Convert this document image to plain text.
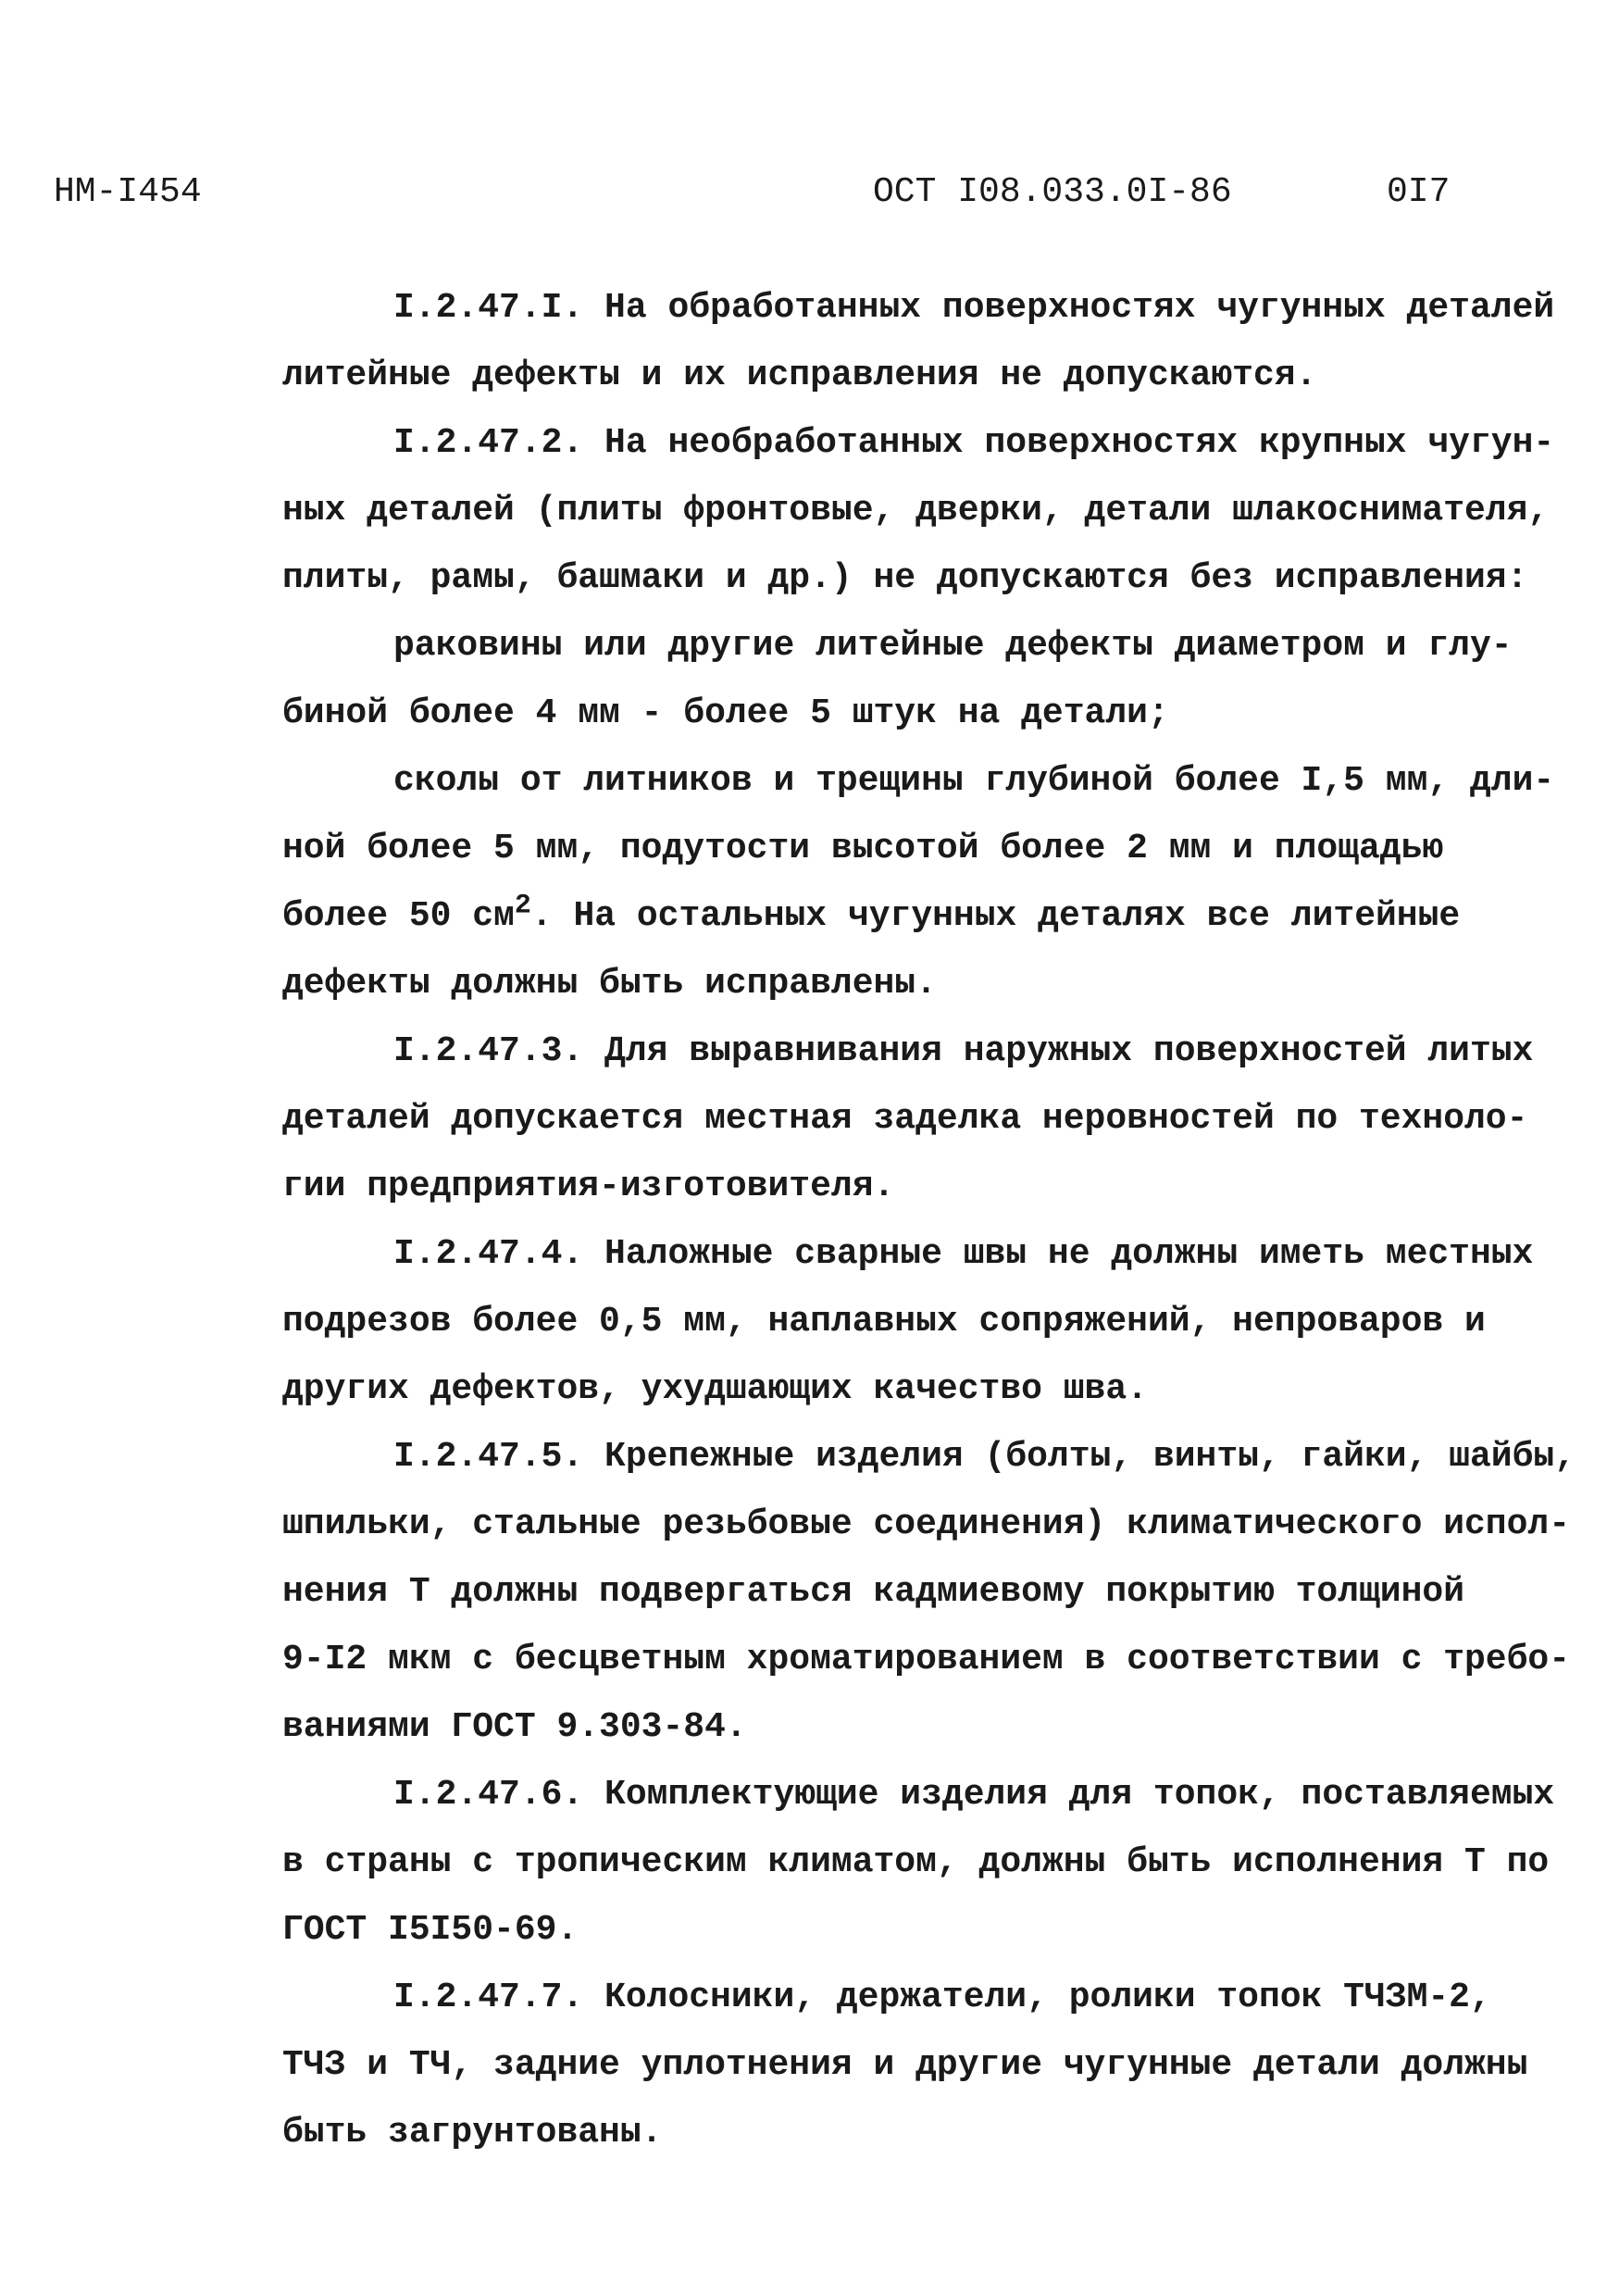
НМ-I454	ОСТ I08.033.0I-86	0I7

I.2.47.I. На обработанных поверхностях чугунных деталей
литейные дефекты и их исправления не допускаются.

I.2.47.2. На необработанных поверхностях крупных чугун-
ных деталей (плиты фронтовые, дверки, детали шлакоснимателя,
плиты, рамы, башмаки и др.) не допускаются без исправления:

раковины или другие литейные дефекты диаметром и глу-
биной более 4 мм - более 5 штук на детали;

сколы от литников и трещины глубиной более I,5 мм, дли-
ной более 5 мм, подутости высотой более 2 мм и площадью
более 50 $см^2$. На остальных чугунных деталях все литейные
дефекты должны быть исправлены.

I.2.47.3. Для выравнивания наружных поверхностей литых
деталей допускается местная заделка неровностей по техноло-
гии предприятия-изготовителя.

I.2.47.4. Наложные сварные швы не должны иметь местных
подрезов более 0,5 мм, наплавных сопряжений, непроваров и
других дефектов, ухудшающих качество шва.

I.2.47.5. Крепежные изделия (болты, винты, гайки, шайбы,
шпильки, стальные резьбовые соединения) климатического испол-
нения Т должны подвергаться кадмиевому покрытию толщиной
9-I2 мкм с бесцветным хроматированием в соответствии с требо-
ваниями ГОСТ 9.303-84.

I.2.47.6. Комплектующие изделия для топок, поставляемых
в страны с тропическим климатом, должны быть исполнения Т по
ГОСТ I5I50-69.

I.2.47.7. Колосники, держатели, ролики топок ТЧЗМ-2,
ТЧЗ и ТЧ, задние уплотнения и другие чугунные детали должны
быть загрунтованы.
